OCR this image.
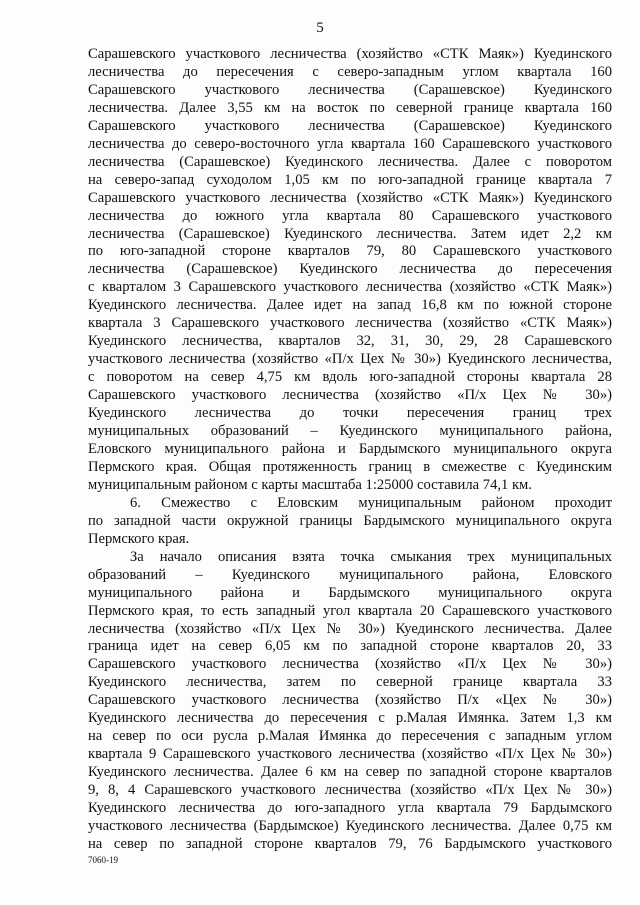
5
Сарашевского участкового лесничества (хозяйство «СТК Маяк») Куединского
лесничества до пересечения с северо-западным углом квартала 160
Сарашевского участкового лесничества (Сарашевское) Куединского
лесничества. Далее 3,55 км на восток по северной границе квартала 160
Сарашевского участкового лесничества (Сарашевское) Куединского
лесничества до северо-восточного угла квартала 160 Сарашевского участкового
лесничества (Сарашевское) Куединского лесничества. Далее с поворотом
на северо-запад суходолом 1,05 км по юго-западной границе квартала 7
Сарашевского участкового лесничества (хозяйство «СТК Маяк») Куединского
лесничества до южного угла квартала 80 Сарашевского участкового
лесничества (Сарашевское) Куединского лесничества. Затем идет 2,2 км
по юго-западной стороне кварталов 79, 80 Сарашевского участкового
лесничества (Сарашевское) Куединского лесничества до пересечения
с кварталом 3 Сарашевского участкового лесничества (хозяйство «СТК Маяк»)
Куединского лесничества. Далее идет на запад 16,8 км по южной стороне
квартала 3 Сарашевского участкового лесничества (хозяйство «СТК Маяк»)
Куединского лесничества, кварталов 32, 31, 30, 29, 28 Сарашевского
участкового лесничества (хозяйство «П/х Цех № 30») Куединского лесничества,
с поворотом на север 4,75 км вдоль юго-западной стороны квартала 28
Сарашевского участкового лесничества (хозяйство «П/х Цех № 30»)
Куединского лесничества до точки пересечения границ трех
муниципальных образований – Куединского муниципального района,
Еловского муниципального района и Бардымского муниципального округа
Пермского края. Общая протяженность границ в смежестве с Куединским
муниципальным районом с карты масштаба 1:25000 составила 74,1 км.
6. Смежество с Еловским муниципальным районом проходит
по западной части окружной границы Бардымского муниципального округа
Пермского края.
За начало описания взята точка смыкания трех муниципальных
образований – Куединского муниципального района, Еловского
муниципального района и Бардымского муниципального округа
Пермского края, то есть западный угол квартала 20 Сарашевского участкового
лесничества (хозяйство «П/х Цех № 30») Куединского лесничества. Далее
граница идет на север 6,05 км по западной стороне кварталов 20, 33
Сарашевского участкового лесничества (хозяйство «П/х Цех № 30»)
Куединского лесничества, затем по северной границе квартала 33
Сарашевского участкового лесничества (хозяйство П/х «Цех № 30»)
Куединского лесничества до пересечения с р.Малая Имянка. Затем 1,3 км
на север по оси русла р.Малая Имянка до пересечения с западным углом
квартала 9 Сарашевского участкового лесничества (хозяйство «П/х Цех № 30»)
Куединского лесничества. Далее 6 км на север по западной стороне кварталов
9, 8, 4 Сарашевского участкового лесничества (хозяйство «П/х Цех № 30»)
Куединского лесничества до юго-западного угла квартала 79 Бардымского
участкового лесничества (Бардымское) Куединского лесничества. Далее 0,75 км
на север по западной стороне кварталов 79, 76 Бардымского участкового
7060-19
